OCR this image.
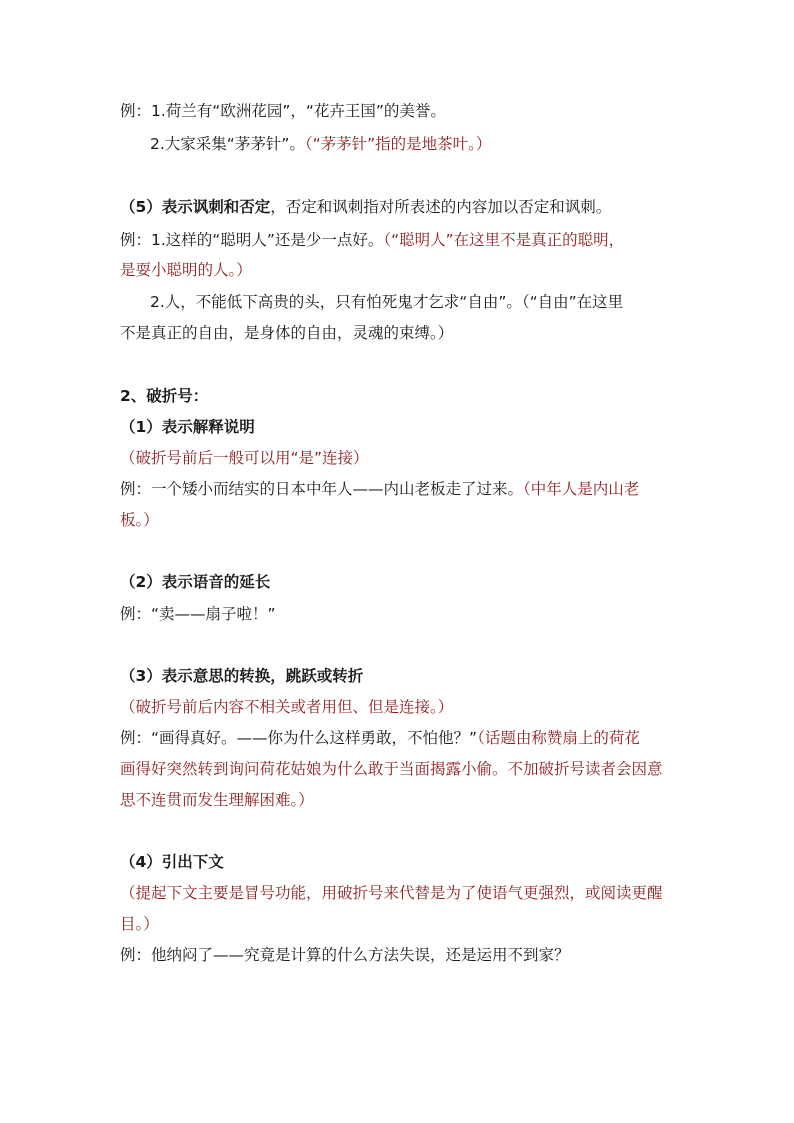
例：1.荷兰有“欧洲花园”，“花卉王国”的美誉。
2.大家采集“茅茅针”。（“茅茅针”指的是地茶叶。）
（5）表示讽刺和否定，否定和讽刺指对所表述的内容加以否定和讽刺。
例：1.这样的“聪明人”还是少一点好。（“聪明人”在这里不是真正的聪明，
是耍小聪明的人。）
2.人，不能低下高贵的头，只有怕死鬼才乞求“自由”。（“自由”在这里
不是真正的自由，是身体的自由，灵魂的束缚。）
2、破折号：
（1）表示解释说明
（破折号前后一般可以用“是”连接）
例：一个矮小而结实的日本中年人——内山老板走了过来。（中年人是内山老
板。）
（2）表示语音的延长
例：“卖——扇子啦！”
（3）表示意思的转换，跳跃或转折
（破折号前后内容不相关或者用但、但是连接。）
例：“画得真好。——你为什么这样勇敢，不怕他？”（话题由称赞扇上的荷花
画得好突然转到询问荷花姑娘为什么敢于当面揭露小偷。不加破折号读者会因意
思不连贯而发生理解困难。）
（4）引出下文
（提起下文主要是冒号功能，用破折号来代替是为了使语气更强烈，或阅读更醒
目。）
例：他纳闷了——究竟是计算的什么方法失误，还是运用不到家？
